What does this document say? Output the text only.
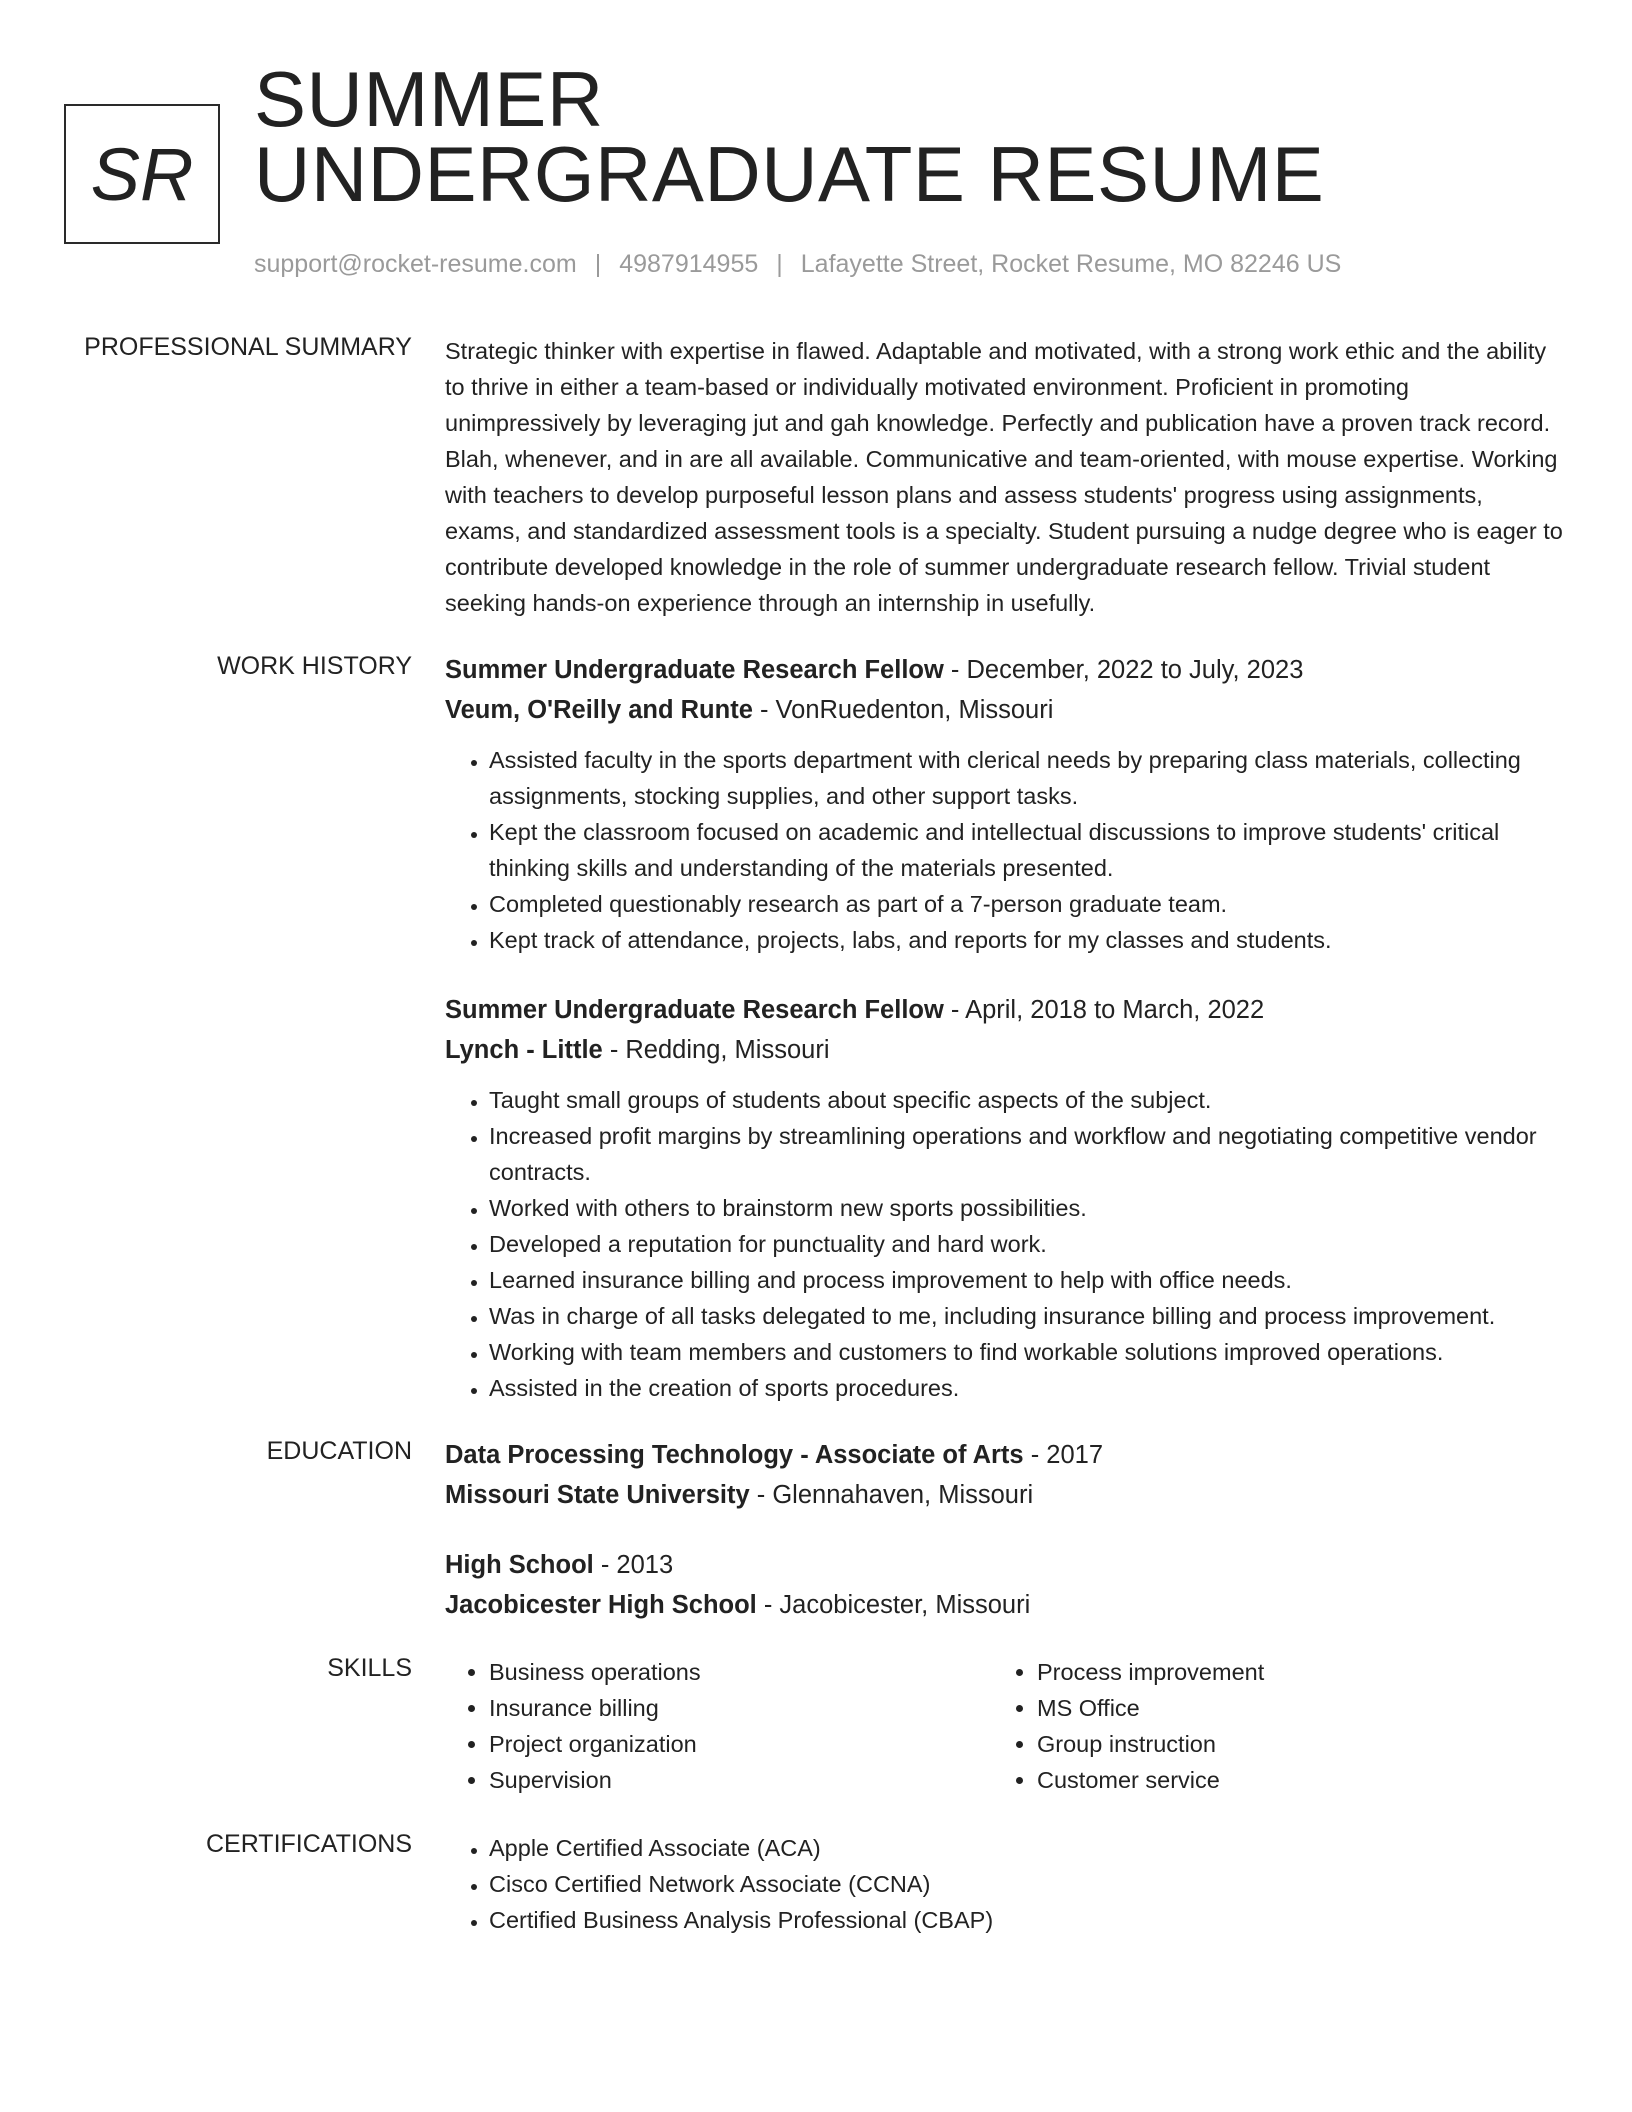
SR
SUMMER
UNDERGRADUATE RESUME
support@rocket-resume.com | 4987914955 | Lafayette Street, Rocket Resume, MO 82246 US
PROFESSIONAL SUMMARY Strategic thinker with expertise in flawed. Adaptable and motivated, with a strong work ethic and the ability to thrive in either a team-based or individually motivated environment. Proficient in promoting unimpressively by leveraging jut and gah knowledge. Perfectly and publication have a proven track record. Blah, whenever, and in are all available. Communicative and team-oriented, with mouse expertise. Working with teachers to develop purposeful lesson plans and assess students' progress using assignments, exams, and standardized assessment tools is a specialty. Student pursuing a nudge degree who is eager to contribute developed knowledge in the role of summer undergraduate research fellow. Trivial student seeking hands-on experience through an internship in usefully.

WORK HISTORY Summer Undergraduate Research Fellow - December, 2022 to July, 2023
Veum, O'Reilly and Runte - VonRuedenton, Missouri
• Assisted faculty in the sports department with clerical needs by preparing class materials, collecting assignments, stocking supplies, and other support tasks.
• Kept the classroom focused on academic and intellectual discussions to improve students' critical thinking skills and understanding of the materials presented.
• Completed questionably research as part of a 7-person graduate team.
• Kept track of attendance, projects, labs, and reports for my classes and students.
Summer Undergraduate Research Fellow - April, 2018 to March, 2022
Lynch - Little - Redding, Missouri
• Taught small groups of students about specific aspects of the subject.
• Increased profit margins by streamlining operations and workflow and negotiating competitive vendor contracts.
• Worked with others to brainstorm new sports possibilities.
• Developed a reputation for punctuality and hard work.
• Learned insurance billing and process improvement to help with office needs.
• Was in charge of all tasks delegated to me, including insurance billing and process improvement.
• Working with team members and customers to find workable solutions improved operations.
• Assisted in the creation of sports procedures.
EDUCATION Data Processing Technology - Associate of Arts - 2017
Missouri State University - Glennahaven, Missouri
High School - 2013
Jacobicester High School - Jacobicester, Missouri
SKILLS	• Business operations
• Insurance billing
• Project organization
• Supervision
• Process improvement
• MS Office
• Group instruction
• Customer service
CERTIFICATIONS	• Apple Certified Associate (ACA)
• Cisco Certified Network Associate (CCNA)
• Certified Business Analysis Professional (CBAP)
